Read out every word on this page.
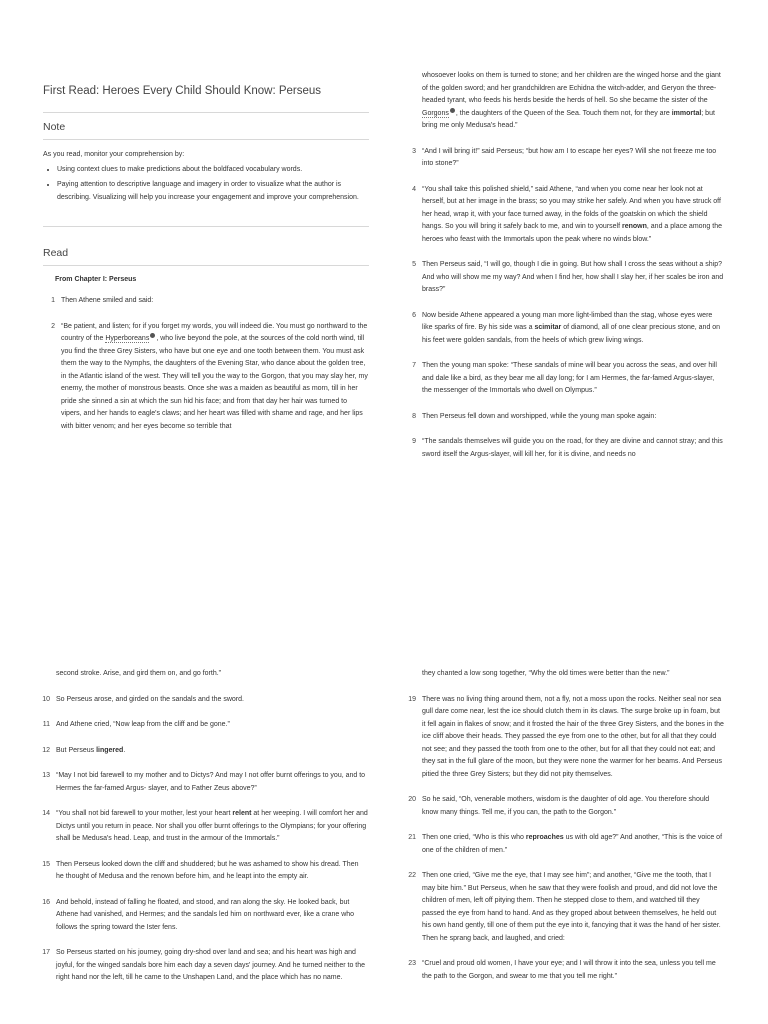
First Read: Heroes Every Child Should Know: Perseus
Note
As you read, monitor your comprehension by:
• Using context clues to make predictions about the boldfaced vocabulary words.
• Paying attention to descriptive language and imagery in order to visualize what the author is describing. Visualizing will help you increase your engagement and improve your comprehension.
Read
From Chapter I: Perseus
1 Then Athene smiled and said:
2 “Be patient, and listen; for if you forget my words, you will indeed die. You must go northward to the country of the Hyperboreans , who live beyond the pole, at the sources of the cold north wind, till you find the three Grey Sisters, who have but one eye and one tooth between them. You must ask them the way to the Nymphs, the daughters of the Evening Star, who dance about the golden tree, in the Atlantic island of the west. They will tell you the way to the Gorgon, that you may slay her, my enemy, the mother of monstrous beasts. Once she was a maiden as beautiful as morn, till in her pride she sinned a sin at which the sun hid his face; and from that day her hair was turned to vipers, and her hands to eagle's claws; and her heart was filled with shame and rage, and her lips with bitter venom; and her eyes become so terrible that
whosoever looks on them is turned to stone; and her children are the winged horse and the giant of the golden sword; and her grandchildren are Echidna the witch-adder, and Geryon the three-headed tyrant, who feeds his herds beside the herds of hell. So she became the sister of the Gorgons , the daughters of the Queen of the Sea. Touch them not, for they are immortal; but bring me only Medusa's head.”
3 “And I will bring it!” said Perseus; “but how am I to escape her eyes? Will she not freeze me too into stone?”
4 “You shall take this polished shield,” said Athene, “and when you come near her look not at herself, but at her image in the brass; so you may strike her safely. And when you have struck off her head, wrap it, with your face turned away, in the folds of the goatskin on which the shield hangs. So you will bring it safely back to me, and win to yourself renown, and a place among the heroes who feast with the Immortals upon the peak where no winds blow.”
5 Then Perseus said, “I will go, though I die in going. But how shall I cross the seas without a ship? And who will show me my way? And when I find her, how shall I slay her, if her scales be iron and brass?”
6 Now beside Athene appeared a young man more light-limbed than the stag, whose eyes were like sparks of fire. By his side was a scimitar of diamond, all of one clear precious stone, and on his feet were golden sandals, from the heels of which grew living wings.
7 Then the young man spoke: “These sandals of mine will bear you across the seas, and over hill and dale like a bird, as they bear me all day long; for I am Hermes, the far-famed Argus-slayer, the messenger of the Immortals who dwell on Olympus.”
8 Then Perseus fell down and worshipped, while the young man spoke again:
9 “The sandals themselves will guide you on the road, for they are divine and cannot stray; and this sword itself the Argus-slayer, will kill her, for it is divine, and needs no
second stroke. Arise, and gird them on, and go forth.”
10 So Perseus arose, and girded on the sandals and the sword.
11 And Athene cried, “Now leap from the cliff and be gone.”
12 But Perseus lingered.
13 “May I not bid farewell to my mother and to Dictys? And may I not offer burnt offerings to you, and to Hermes the far-famed Argus- slayer, and to Father Zeus above?”
14 “You shall not bid farewell to your mother, lest your heart relent at her weeping. I will comfort her and Dictys until you return in peace. Nor shall you offer burnt offerings to the Olympians; for your offering shall be Medusa's head. Leap, and trust in the armour of the Immortals.”
15 Then Perseus looked down the cliff and shuddered; but he was ashamed to show his dread. Then he thought of Medusa and the renown before him, and he leapt into the empty air.
16 And behold, instead of falling he floated, and stood, and ran along the sky. He looked back, but Athene had vanished, and Hermes; and the sandals led him on northward ever, like a crane who follows the spring toward the Ister fens.
17 So Perseus started on his journey, going dry-shod over land and sea; and his heart was high and joyful, for the winged sandals bore him each day a seven days' journey. And he turned neither to the right hand nor the left, till he came to the Unshapen Land, and the place which has no name.
they chanted a low song together, “Why the old times were better than the new.”
19 There was no living thing around them, not a fly, not a moss upon the rocks. Neither seal nor sea gull dare come near, lest the ice should clutch them in its claws. The surge broke up in foam, but it fell again in flakes of snow; and it frosted the hair of the three Grey Sisters, and the bones in the ice cliff above their heads. They passed the eye from one to the other, but for all that they could not see; and they passed the tooth from one to the other, but for all that they could not eat; and they sat in the full glare of the moon, but they were none the warmer for her beams. And Perseus pitied the three Grey Sisters; but they did not pity themselves.
20 So he said, “Oh, venerable mothers, wisdom is the daughter of old age. You therefore should know many things. Tell me, if you can, the path to the Gorgon.”
21 Then one cried, “Who is this who reproaches us with old age?” And another, “This is the voice of one of the children of men.”
22 Then one cried, “Give me the eye, that I may see him”; and another, “Give me the tooth, that I may bite him.” But Perseus, when he saw that they were foolish and proud, and did not love the children of men, left off pitying them. Then he stepped close to them, and watched till they passed the eye from hand to hand. And as they groped about between themselves, he held out his own hand gently, till one of them put the eye into it, fancying that it was the hand of her sister. Then he sprang back, and laughed, and cried:
23 “Cruel and proud old women, I have your eye; and I will throw it into the sea, unless you tell me the path to the Gorgon, and swear to me that you tell me right.”
